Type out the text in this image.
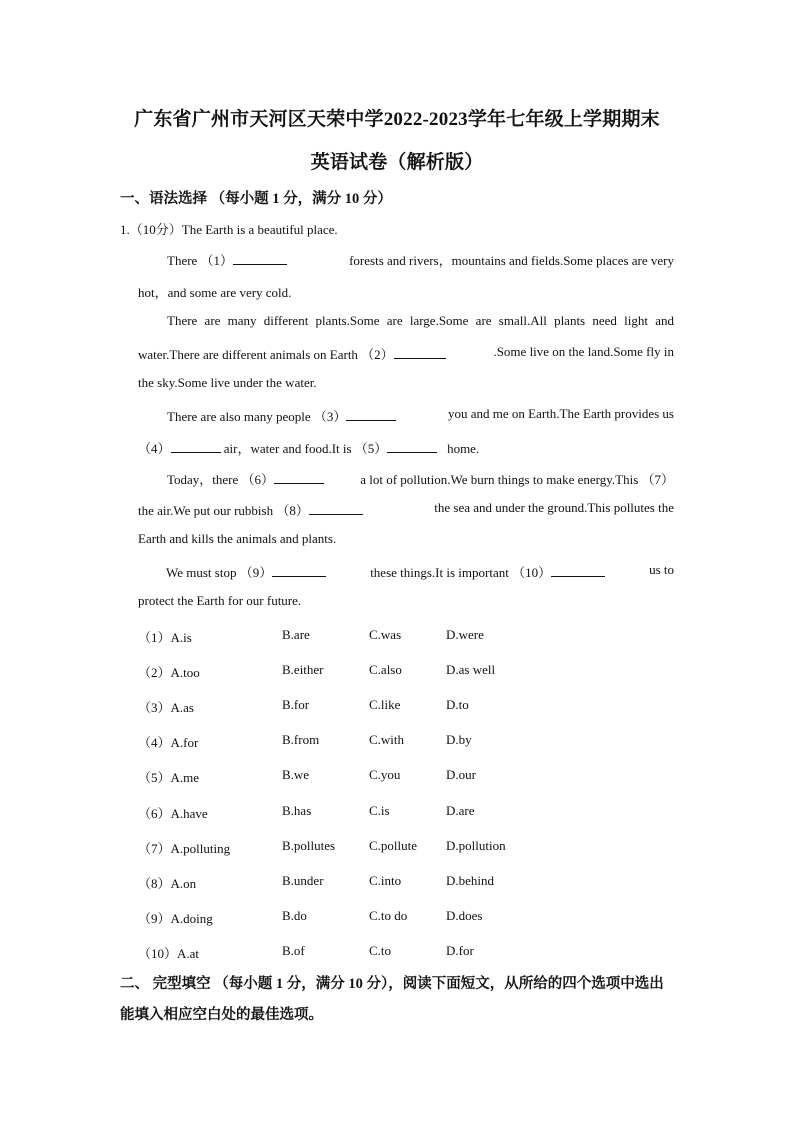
广东省广州市天河区天荣中学2022-2023学年七年级上学期期末
英语试卷（解析版）
一、语法选择 （每小题 1 分，满分 10 分）
1.（10分）The Earth is a beautiful place.
There （1）	forests and rivers，mountains and fields.Some places are very
hot，and some are very cold.
There are many different plants.Some are large.Some are small.All plants need light and
water.There are different animals on Earth （2）	.Some live on the land.Some fly in
the sky.Some live under the water.
There are also many people （3）	you and me on Earth.The Earth provides us
（4）	air，water and food.It is （5）	home.
Today，there （6）	a lot of pollution.We burn things to make energy.This （7）
the air.We put our rubbish （8）	the sea and under the ground.This pollutes the
Earth and kills the animals and plants.
We must stop （9）	these things.It is important （10）	us to
protect the Earth for our future.
（1）A.is	B.are	C.was	D.were
（2）A.too	B.either	C.also	D.as well
（3）A.as	B.for	C.like	D.to
（4）A.for	B.from	C.with	D.by
（5）A.me	B.we	C.you	D.our
（6）A.have	B.has	C.is	D.are
（7）A.polluting	B.pollutes	C.pollute D.pollution
（8）A.on	B.under	C.into	D.behind
（9）A.doing	B.do	C.to do	D.does
（10）A.at	B.of	C.to	D.for
二、 完型填空 （每小题 1 分，满分 10 分），阅读下面短文，从所给的四个选项中选出能填入相应空白处的最佳选项。
